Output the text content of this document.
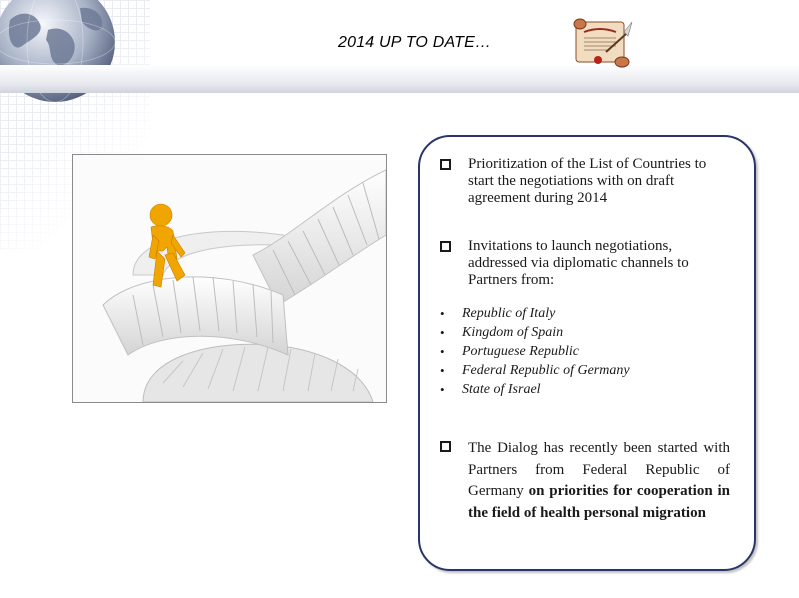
2014 UP TO DATE…
Prioritization of the List of Countries to start the negotiations with on draft agreement during 2014
Invitations to launch negotiations, addressed via diplomatic channels to Partners from:
• Republic of Italy
• Kingdom of Spain
• Portuguese Republic
• Federal Republic of Germany
• State of Israel
The Dialog has recently been started with Partners from Federal Republic of Germany on priorities for cooperation in the field of health personal migration
